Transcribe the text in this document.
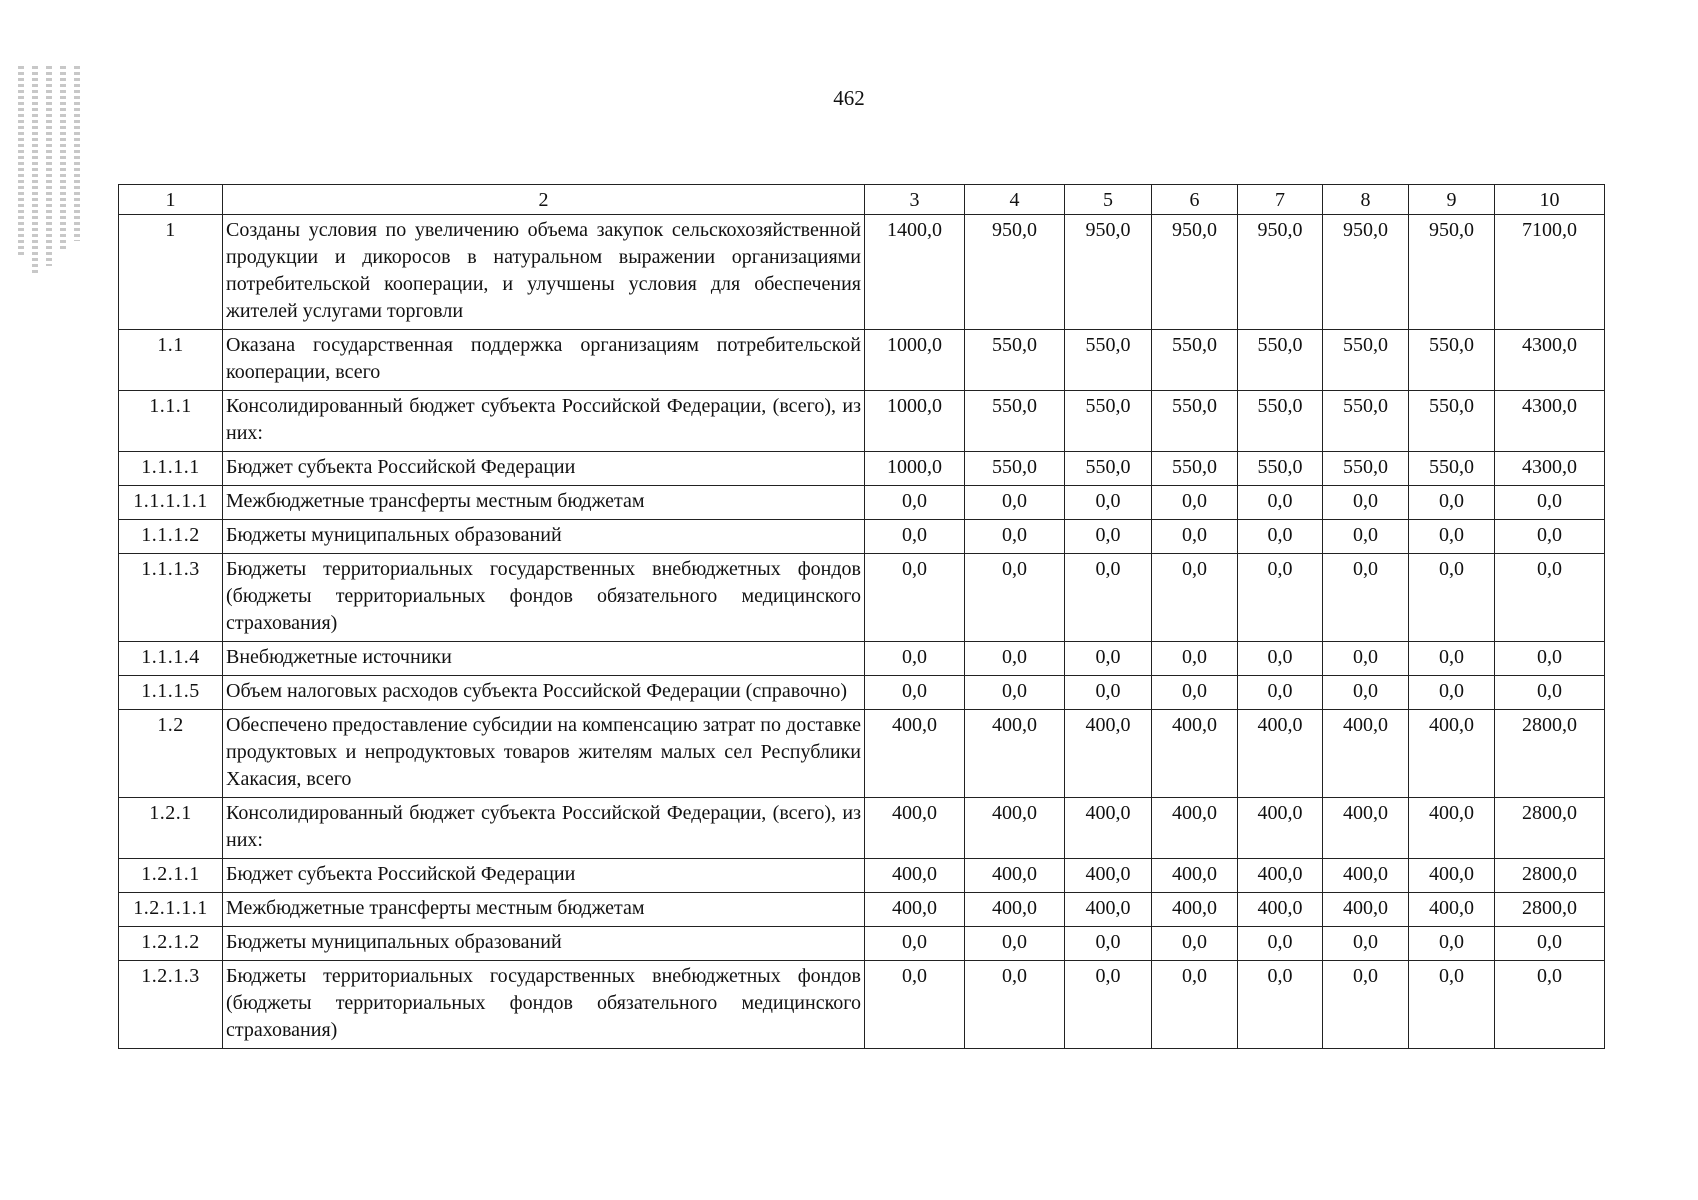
462
1	2	3	4	5	6	7	8	9	10
1	Созданы условия по увеличению объема закупок сельскохозяйственной продукции и дикоросов в натуральном выражении организациями потребительской кооперации, и улучшены условия для обеспечения жителей услугами торговли	1400,0	950,0	950,0	950,0	950,0	950,0	950,0	7100,0
1.1	Оказана государственная поддержка организациям потребительской кооперации, всего	1000,0	550,0	550,0	550,0	550,0	550,0	550,0	4300,0
1.1.1	Консолидированный бюджет субъекта Российской Федерации, (всего), из них:	1000,0	550,0	550,0	550,0	550,0	550,0	550,0	4300,0
1.1.1.1	Бюджет субъекта Российской Федерации	1000,0	550,0	550,0	550,0	550,0	550,0	550,0	4300,0
1.1.1.1.1	Межбюджетные трансферты местным бюджетам	0,0	0,0	0,0	0,0	0,0	0,0	0,0	0,0
1.1.1.2	Бюджеты муниципальных образований	0,0	0,0	0,0	0,0	0,0	0,0	0,0	0,0
1.1.1.3	Бюджеты территориальных государственных внебюджетных фондов (бюджеты территориальных фондов обязательного медицинского страхования)	0,0	0,0	0,0	0,0	0,0	0,0	0,0	0,0
1.1.1.4	Внебюджетные источники	0,0	0,0	0,0	0,0	0,0	0,0	0,0	0,0
1.1.1.5	Объем налоговых расходов субъекта Российской Федерации (справочно)	0,0	0,0	0,0	0,0	0,0	0,0	0,0	0,0
1.2	Обеспечено предоставление субсидии на компенсацию затрат по доставке продуктовых и непродуктовых товаров жителям малых сел Республики Хакасия, всего	400,0	400,0	400,0	400,0	400,0	400,0	400,0	2800,0
1.2.1	Консолидированный бюджет субъекта Российской Федерации, (всего), из них:	400,0	400,0	400,0	400,0	400,0	400,0	400,0	2800,0
1.2.1.1	Бюджет субъекта Российской Федерации	400,0	400,0	400,0	400,0	400,0	400,0	400,0	2800,0
1.2.1.1.1	Межбюджетные трансферты местным бюджетам	400,0	400,0	400,0	400,0	400,0	400,0	400,0	2800,0
1.2.1.2	Бюджеты муниципальных образований	0,0	0,0	0,0	0,0	0,0	0,0	0,0	0,0
1.2.1.3	Бюджеты территориальных государственных внебюджетных фондов (бюджеты территориальных фондов обязательного медицинского страхования)	0,0	0,0	0,0	0,0	0,0	0,0	0,0	0,0
